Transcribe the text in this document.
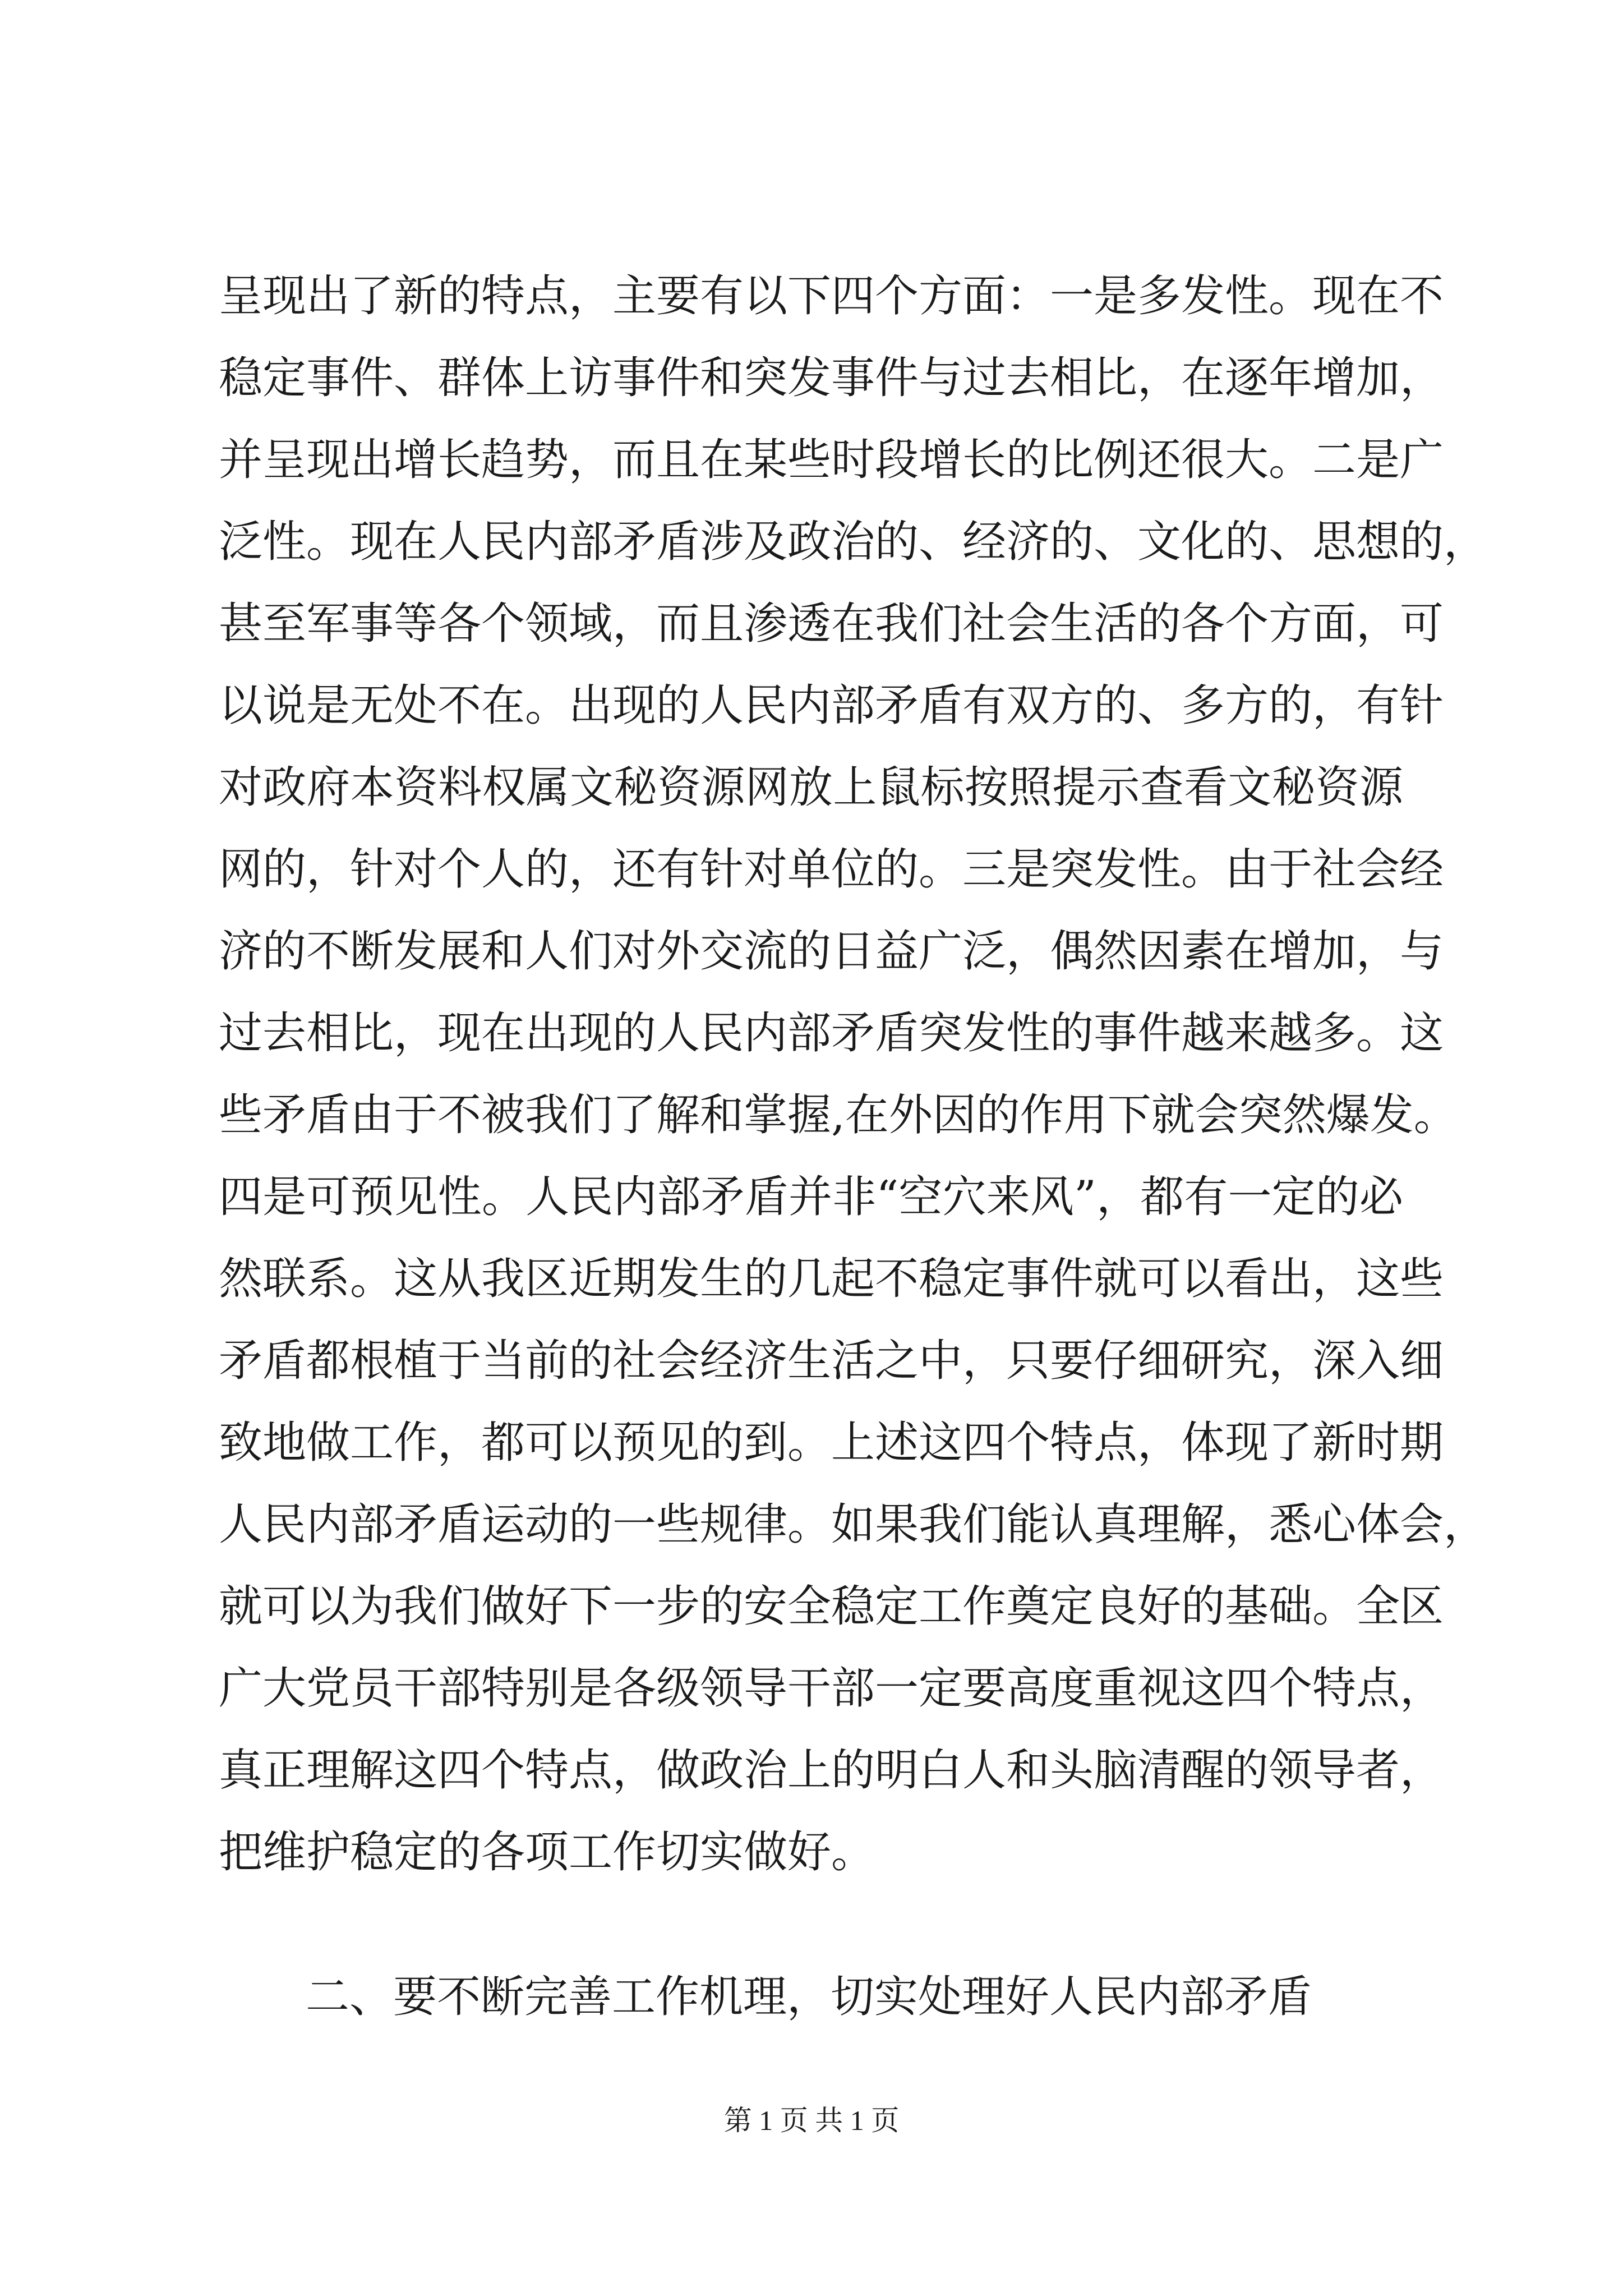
呈现出了新的特点，主要有以下四个方面：一是多发性。现在不
稳定事件、群体上访事件和突发事件与过去相比，在逐年增加，
并呈现出增长趋势，而且在某些时段增长的比例还很大。二是广
泛性。现在人民内部矛盾涉及政治的、经济的、文化的、思想的，
甚至军事等各个领域，而且渗透在我们社会生活的各个方面，可
以说是无处不在。出现的人民内部矛盾有双方的、多方的，有针
对政府本资料权属文秘资源网放上鼠标按照提示查看文秘资源
网的，针对个人的，还有针对单位的。三是突发性。由于社会经
济的不断发展和人们对外交流的日益广泛，偶然因素在增加，与
过去相比，现在出现的人民内部矛盾突发性的事件越来越多。这
些矛盾由于不被我们了解和掌握,在外因的作用下就会突然爆发。
四是可预见性。人民内部矛盾并非“空穴来风”，都有一定的必
然联系。这从我区近期发生的几起不稳定事件就可以看出，这些
矛盾都根植于当前的社会经济生活之中，只要仔细研究，深入细
致地做工作，都可以预见的到。上述这四个特点，体现了新时期
人民内部矛盾运动的一些规律。如果我们能认真理解，悉心体会，
就可以为我们做好下一步的安全稳定工作奠定良好的基础。全区
广大党员干部特别是各级领导干部一定要高度重视这四个特点，
真正理解这四个特点，做政治上的明白人和头脑清醒的领导者，
把维护稳定的各项工作切实做好。
二、要不断完善工作机理，切实处理好人民内部矛盾
第 1 页 共 1 页
